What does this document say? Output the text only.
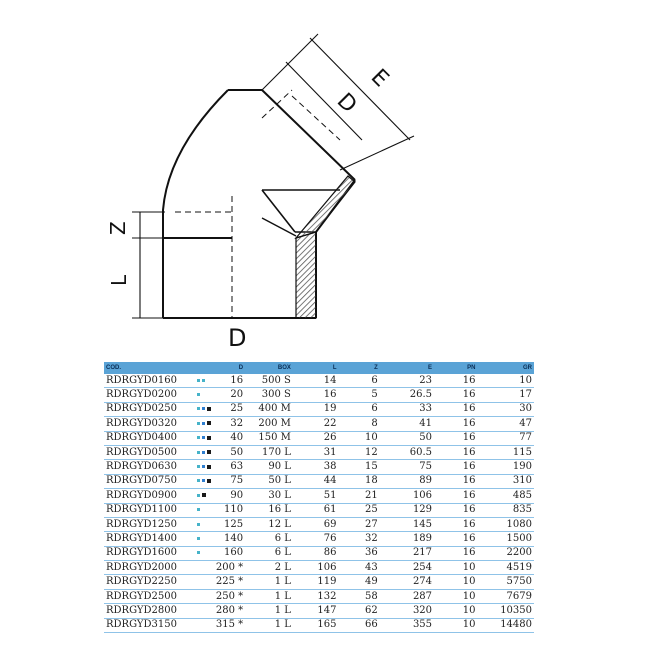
E
D
Z
L
D
COD.	D	BOX	L	Z	E	PN	GR
RDRGYD0160	16	500 S	14	6	23	16	10
RDRGYD0200	20	300 S	16	5	26.5	16	17
RDRGYD0250	25	400 M	19	6	33	16	30
RDRGYD0320	32	200 M	22	8	41	16	47
RDRGYD0400	40	150 M	26	10	50	16	77
RDRGYD0500	50	170 L	31	12	60.5	16	115
RDRGYD0630	63	90 L	38	15	75	16	190
RDRGYD0750	75	50 L	44	18	89	16	310
RDRGYD0900	90	30 L	51	21	106	16	485
RDRGYD1100	110	16 L	61	25	129	16	835
RDRGYD1250	125	12 L	69	27	145	16	1080
RDRGYD1400	140	6 L	76	32	189	16	1500
RDRGYD1600	160	6 L	86	36	217	16	2200
RDRGYD2000	200 *	2 L	106	43	254	10	4519
RDRGYD2250	225 *	1 L	119	49	274	10	5750
RDRGYD2500	250 *	1 L	132	58	287	10	7679
RDRGYD2800	280 *	1 L	147	62	320	10	10350
RDRGYD3150	315 *	1 L	165	66	355	10	14480
